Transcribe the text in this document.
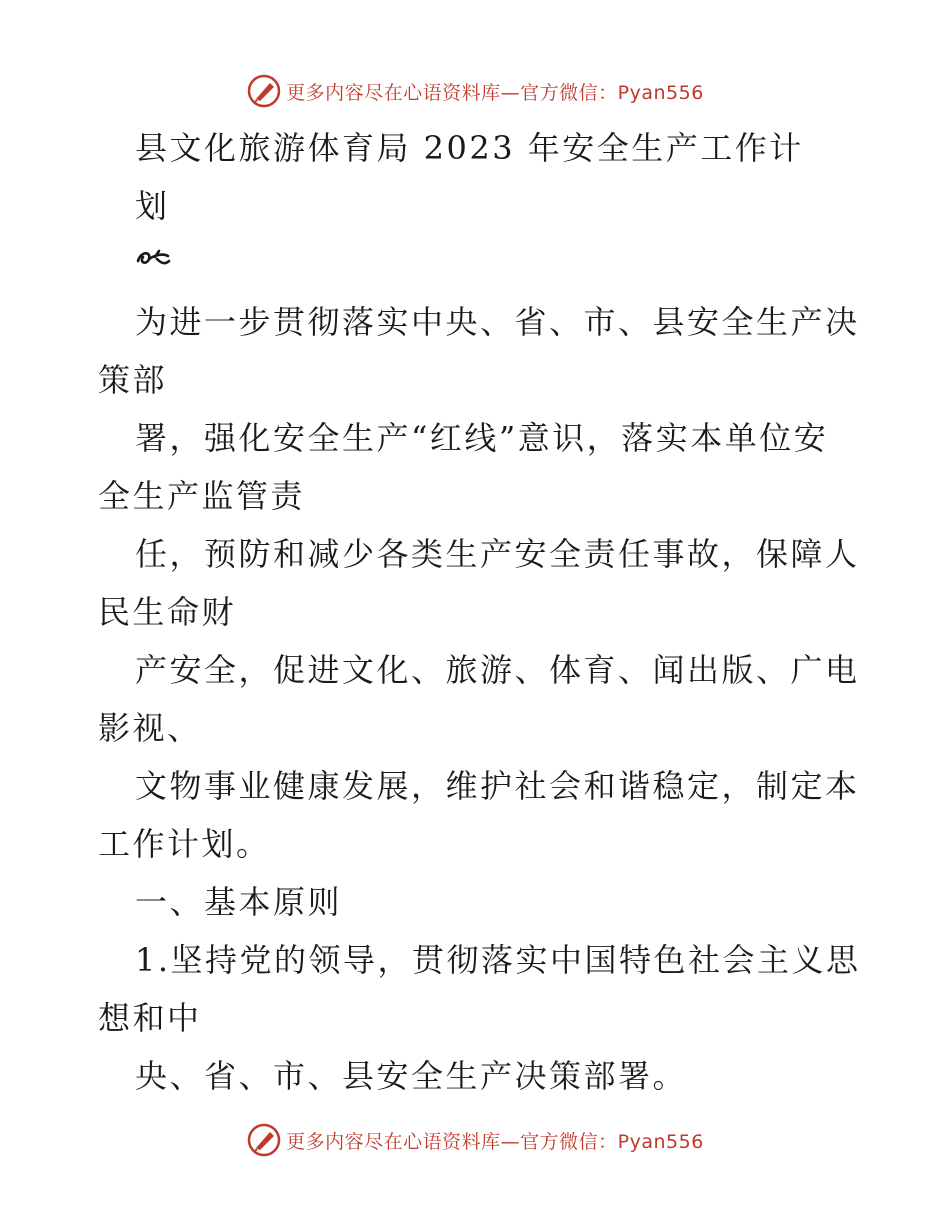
更多内容尽在心语资料库—官方微信：Pyan556
县文化旅游体育局 2023 年安全生产工作计
划
为进一步贯彻落实中央、省、市、县安全生产决
策部
署，强化安全生产“红线”意识，落实本单位安
全生产监管责
任，预防和减少各类生产安全责任事故，保障人
民生命财
产安全，促进文化、旅游、体育、闻出版、广电
影视、
文物事业健康发展，维护社会和谐稳定，制定本
工作计划。
一、基本原则
1.坚持党的领导，贯彻落实中国特色社会主义思
想和中
央、省、市、县安全生产决策部署。
更多内容尽在心语资料库—官方微信：Pyan556
